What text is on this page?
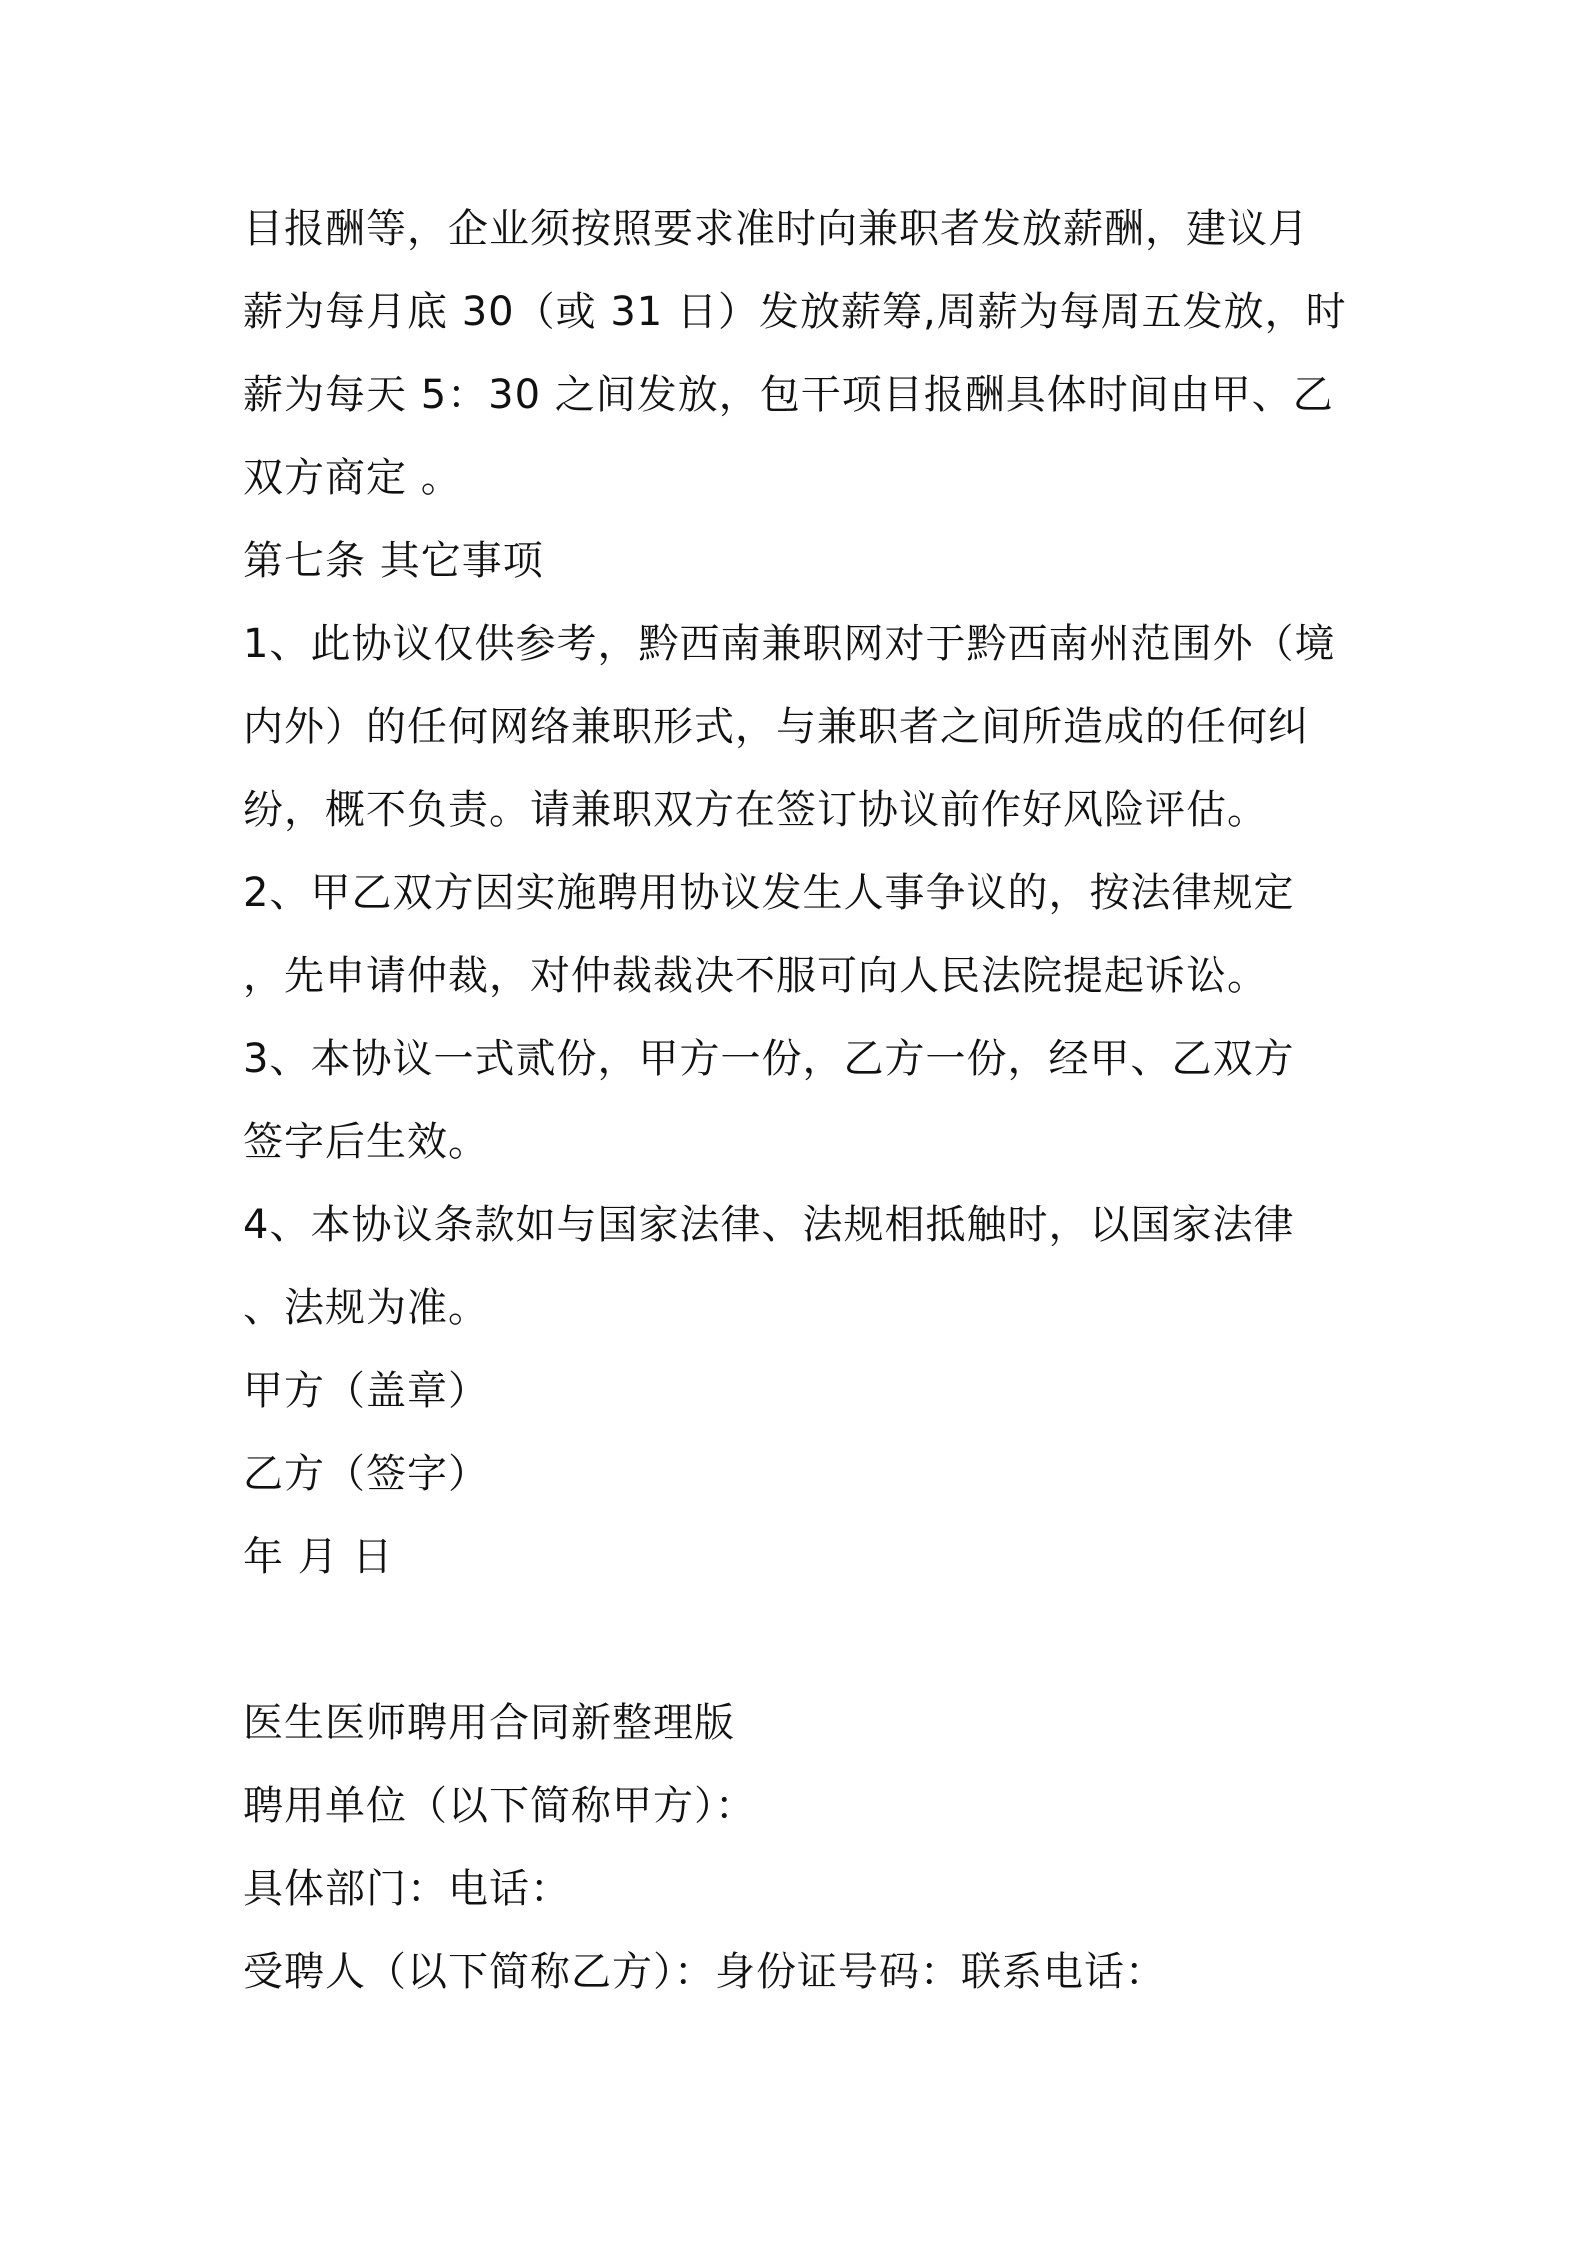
目报酬等，企业须按照要求准时向兼职者发放薪酬，建议月
薪为每月底 30（或 31 日）发放薪筹,周薪为每周五发放，时
薪为每天 5：30 之间发放，包干项目报酬具体时间由甲、乙
双方商定 。
第七条 其它事项
1、此协议仅供参考，黔西南兼职网对于黔西南州范围外（境
内外）的任何网络兼职形式，与兼职者之间所造成的任何纠
纷，概不负责。请兼职双方在签订协议前作好风险评估。
2、甲乙双方因实施聘用协议发生人事争议的，按法律规定
，先申请仲裁，对仲裁裁决不服可向人民法院提起诉讼。
3、本协议一式贰份，甲方一份，乙方一份，经甲、乙双方
签字后生效。
4、本协议条款如与国家法律、法规相抵触时，以国家法律
、法规为准。
甲方（盖章）
乙方（签字）
年 月 日
医生医师聘用合同新整理版
聘用单位（以下简称甲方）：
具体部门：电话：
受聘人（以下简称乙方）：身份证号码：联系电话：
